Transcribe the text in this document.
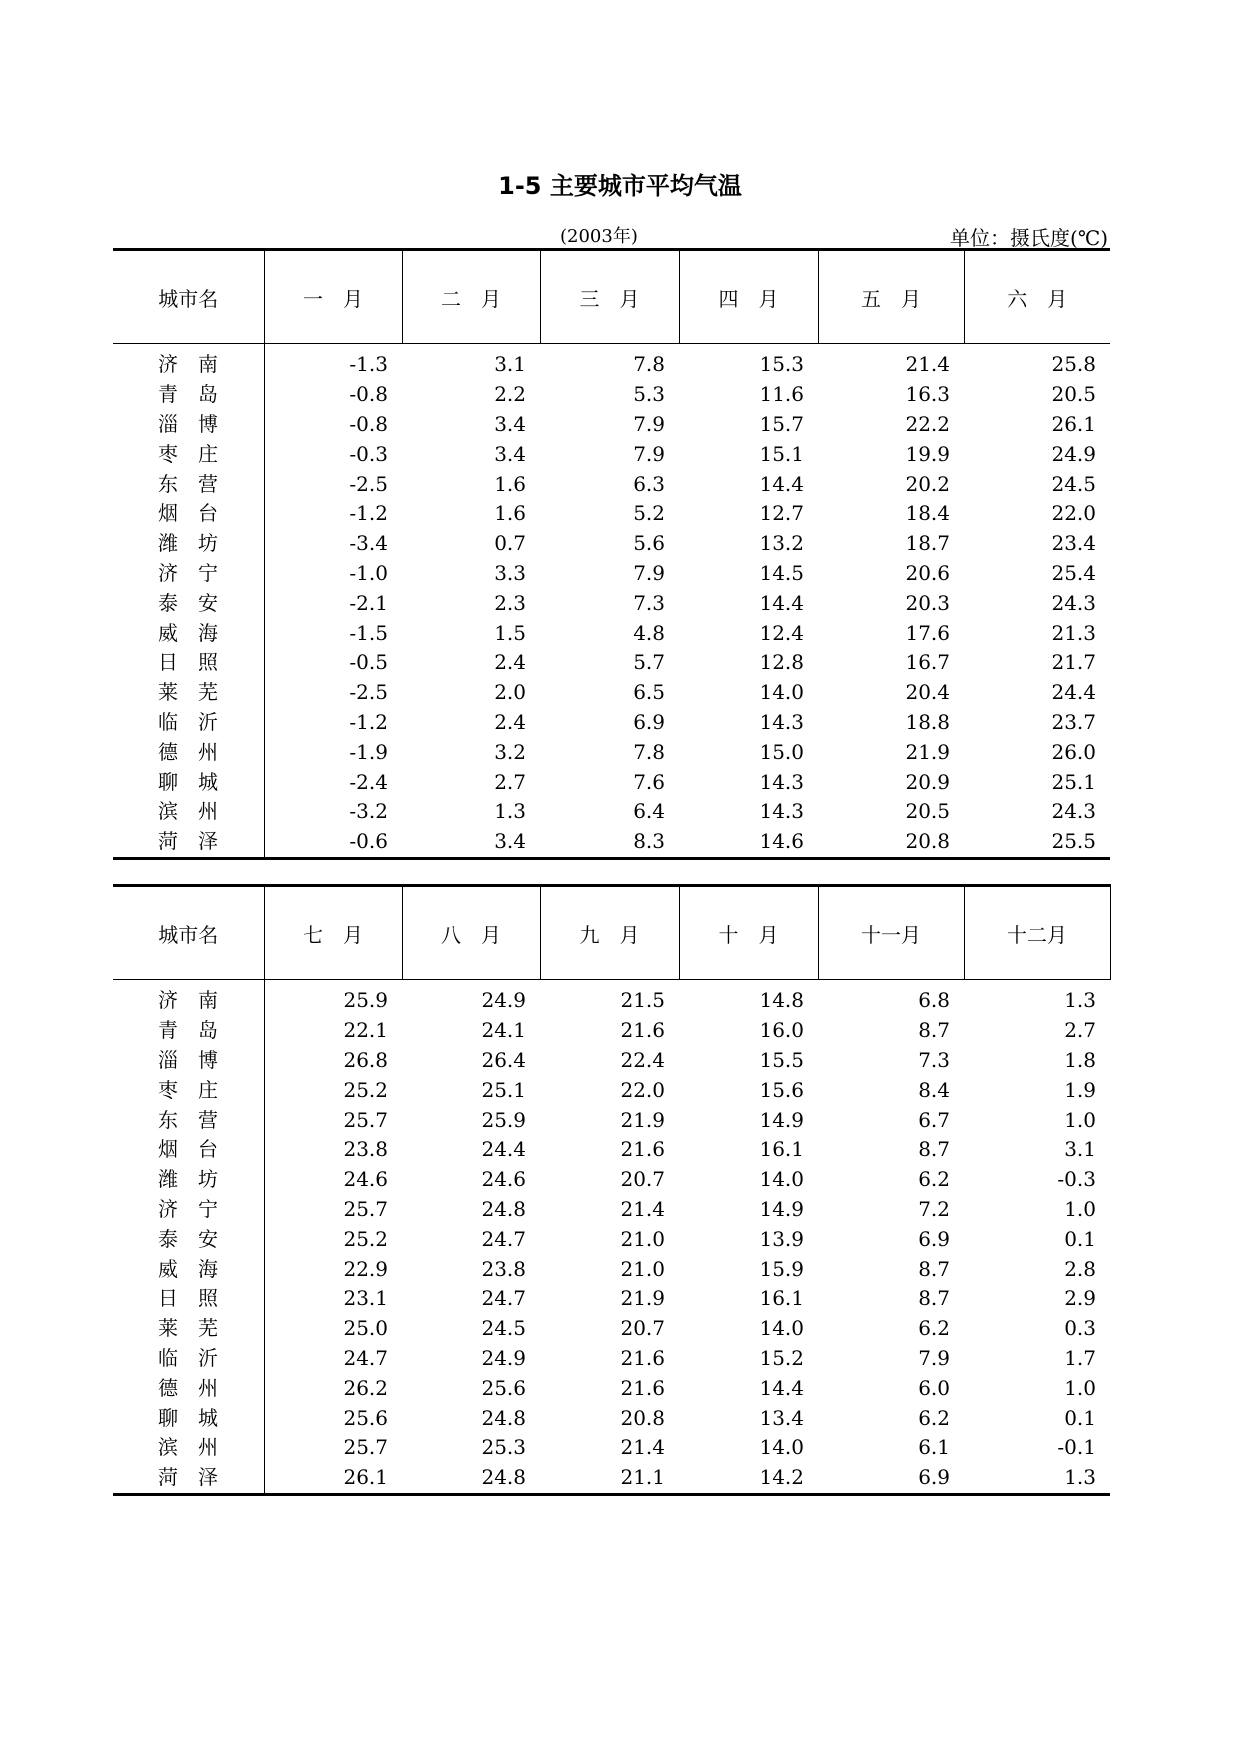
1-5 主要城市平均气温
(2003年)	单位：摄氏度(℃)
城市名	一　月	二　月	三　月	四　月	五　月	六　月

济南	-1.3	3.1	7.8	15.3	21.4	25.8
青岛	-0.8	2.2	5.3	11.6	16.3	20.5
淄博	-0.8	3.4	7.9	15.7	22.2	26.1
枣庄	-0.3	3.4	7.9	15.1	19.9	24.9
东营	-2.5	1.6	6.3	14.4	20.2	24.5
烟台	-1.2	1.6	5.2	12.7	18.4	22.0
潍坊	-3.4	0.7	5.6	13.2	18.7	23.4
济宁	-1.0	3.3	7.9	14.5	20.6	25.4
泰安	-2.1	2.3	7.3	14.4	20.3	24.3
威海	-1.5	1.5	4.8	12.4	17.6	21.3
日照	-0.5	2.4	5.7	12.8	16.7	21.7
莱芜	-2.5	2.0	6.5	14.0	20.4	24.4
临沂	-1.2	2.4	6.9	14.3	18.8	23.7
德州	-1.9	3.2	7.8	15.0	21.9	26.0
聊城	-2.4	2.7	7.6	14.3	20.9	25.1
滨州	-3.2	1.3	6.4	14.3	20.5	24.3
菏泽	-0.6	3.4	8.3	14.6	20.8	25.5
城市名	七　月	八　月	九　月	十　月	十一月	十二月

济南	25.9	24.9	21.5	14.8	6.8	1.3
青岛	22.1	24.1	21.6	16.0	8.7	2.7
淄博	26.8	26.4	22.4	15.5	7.3	1.8
枣庄	25.2	25.1	22.0	15.6	8.4	1.9
东营	25.7	25.9	21.9	14.9	6.7	1.0
烟台	23.8	24.4	21.6	16.1	8.7	3.1
潍坊	24.6	24.6	20.7	14.0	6.2	-0.3
济宁	25.7	24.8	21.4	14.9	7.2	1.0
泰安	25.2	24.7	21.0	13.9	6.9	0.1
威海	22.9	23.8	21.0	15.9	8.7	2.8
日照	23.1	24.7	21.9	16.1	8.7	2.9
莱芜	25.0	24.5	20.7	14.0	6.2	0.3
临沂	24.7	24.9	21.6	15.2	7.9	1.7
德州	26.2	25.6	21.6	14.4	6.0	1.0
聊城	25.6	24.8	20.8	13.4	6.2	0.1
滨州	25.7	25.3	21.4	14.0	6.1	-0.1
菏泽	26.1	24.8	21.1	14.2	6.9	1.3
